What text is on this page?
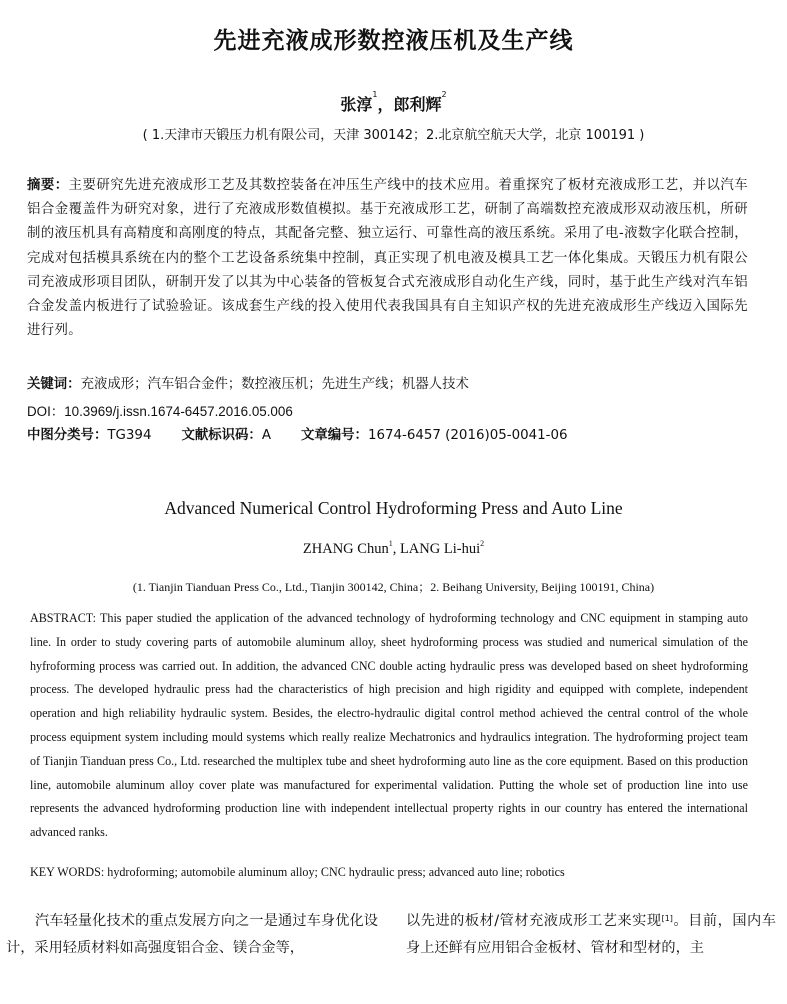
先进充液成形数控液压机及生产线
张淳$^1$，郎利辉$^2$
( 1.天津市天锻压力机有限公司，天津 300142；2.北京航空航天大学，北京 100191 )
摘要：主要研究先进充液成形工艺及其数控装备在冲压生产线中的技术应用。着重探究了板材充液成形工艺，并以汽车铝合金覆盖件为研究对象，进行了充液成形数值模拟。基于充液成形工艺，研制了高端数控充液成形双动液压机，所研制的液压机具有高精度和高刚度的特点，其配备完整、独立运行、可靠性高的液压系统。采用了电-液数字化联合控制，完成对包括模具系统在内的整个工艺设备系统集中控制，真正实现了机电液及模具工艺一体化集成。天锻压力机有限公司充液成形项目团队，研制开发了以其为中心装备的管板复合式充液成形自动化生产线，同时，基于此生产线对汽车铝合金发盖内板进行了试验验证。该成套生产线的投入使用代表我国具有自主知识产权的先进充液成形生产线迈入国际先进行列。
关键词：充液成形；汽车铝合金件；数控液压机；先进生产线；机器人技术
DOI：10.3969/j.issn.1674-6457.2016.05.006
中图分类号：TG394 文献标识码：A 文章编号：1674-6457 (2016)05-0041-06
Advanced Numerical Control Hydroforming Press and Auto Line
ZHANG Chun$^1$, LANG Li-hui$^2$
(1. Tianjin Tianduan Press Co., Ltd., Tianjin 300142, China；2. Beihang University, Beijing 100191, China)
ABSTRACT: This paper studied the application of the advanced technology of hydroforming technology and CNC equipment in stamping auto line. In order to study covering parts of automobile aluminum alloy, sheet hydroforming process was studied and numerical simulation of the hyfroforming process was carried out. In addition, the advanced CNC double acting hydraulic press was developed based on sheet hydroforming process. The developed hydraulic press had the characteristics of high precision and high rigidity and equipped with complete, independent operation and high reliability hydraulic system. Besides, the electro-hydraulic digital control method achieved the central control of the whole process equipment system including mould systems which really realize Mechatronics and hydraulics integration. The hydroforming project team of Tianjin Tianduan press Co., Ltd. researched the multiplex tube and sheet hydroforming auto line as the core equipment. Based on this production line, automobile aluminum alloy cover plate was manufactured for experimental validation. Putting the whole set of production line into use represents the advanced hydroforming production line with independent intellectual property rights in our country has entered the international advanced ranks.
KEY WORDS: hydroforming; automobile aluminum alloy; CNC hydraulic press; advanced auto line; robotics
汽车轻量化技术的重点发展方向之一是通过车身优化设计，采用轻质材料如高强度铝合金、镁合金等，
以先进的板材/管材充液成形工艺来实现[1]。目前，国内车身上还鲜有应用铝合金板材、管材和型材的，主
